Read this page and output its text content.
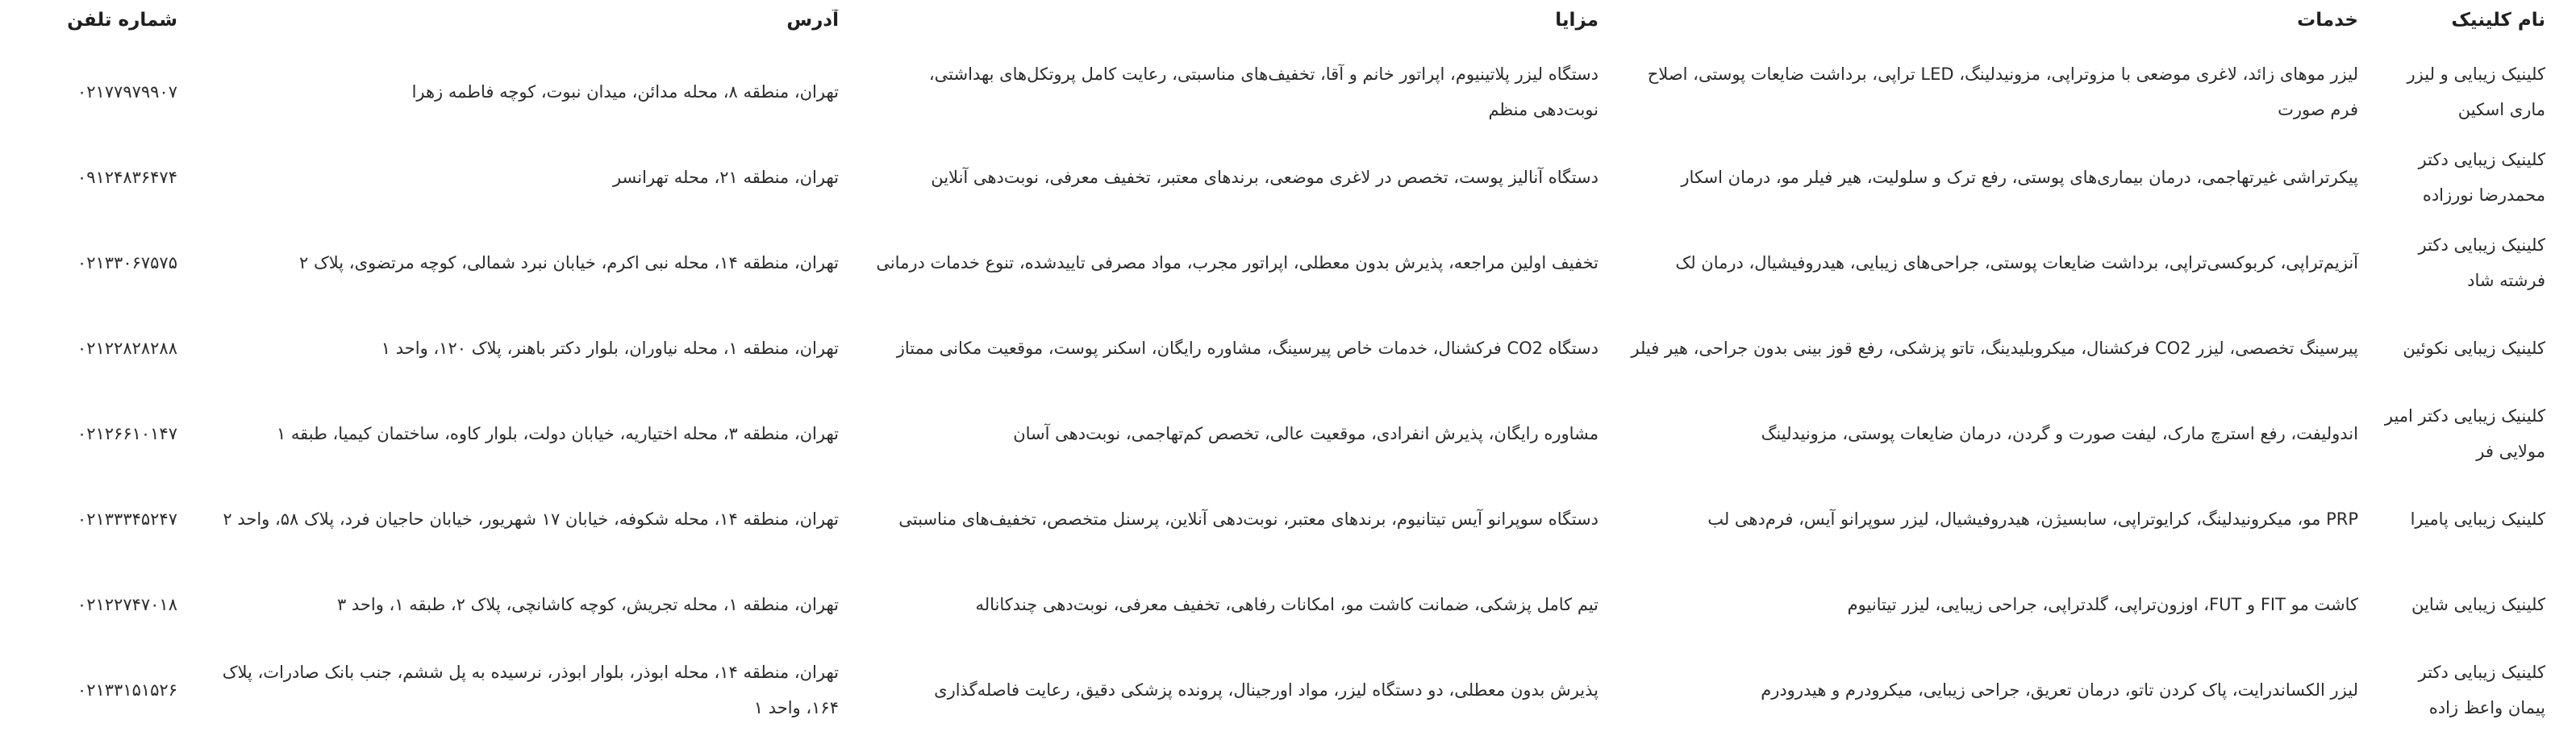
نام کلینیک	خدمات	مزایا	آدرس	شماره تلفن
کلینیک زیبایی و لیزر ماری اسکین	لیزر موهای زائد، لاغری موضعی با مزوتراپی، مزونیدلینگ، LED تراپی، برداشت ضایعات پوستی، اصلاح فرم صورت	دستگاه لیزر پلاتینیوم، اپراتور خانم و آقا، تخفیف‌های مناسبتی، رعایت کامل پروتکل‌های بهداشتی، نوبت‌دهی منظم	تهران، منطقه ۸، محله مدائن، میدان نبوت، کوچه فاطمه زهرا	۰۲۱۷۷۹۷۹۹۰۷
کلینیک زیبایی دکتر محمدرضا نورزاده	پیکرتراشی غیرتهاجمی، درمان بیماری‌های پوستی، رفع ترک و سلولیت، هیر فیلر مو، درمان اسکار	دستگاه آنالیز پوست، تخصص در لاغری موضعی، برندهای معتبر، تخفیف معرفی، نوبت‌دهی آنلاین	تهران، منطقه ۲۱، محله تهرانسر	۰۹۱۲۴۸۳۶۴۷۴
کلینیک زیبایی دکتر فرشته شاد	آنزیم‌تراپی، کربوکسی‌تراپی، برداشت ضایعات پوستی، جراحی‌های زیبایی، هیدروفیشیال، درمان لک	تخفیف اولین مراجعه، پذیرش بدون معطلی، اپراتور مجرب، مواد مصرفی تاییدشده، تنوع خدمات درمانی	تهران، منطقه ۱۴، محله نبی اکرم، خیابان نبرد شمالی، کوچه مرتضوی، پلاک ۲	۰۲۱۳۳۰۶۷۵۷۵
کلینیک زیبایی نکوئین	پیرسینگ تخصصی، لیزر CO2 فرکشنال، میکروبلیدینگ، تاتو پزشکی، رفع قوز بینی بدون جراحی، هیر فیلر	دستگاه CO2 فرکشنال، خدمات خاص پیرسینگ، مشاوره رایگان، اسکنر پوست، موقعیت مکانی ممتاز	تهران، منطقه ۱، محله نیاوران، بلوار دکتر باهنر، پلاک ۱۲۰، واحد ۱	۰۲۱۲۲۸۲۸۲۸۸
کلینیک زیبایی دکتر امیر مولایی فر	اندولیفت، رفع استرچ مارک، لیفت صورت و گردن، درمان ضایعات پوستی، مزونیدلینگ	مشاوره رایگان، پذیرش انفرادی، موقعیت عالی، تخصص کم‌تهاجمی، نوبت‌دهی آسان	تهران، منطقه ۳، محله اختیاریه، خیابان دولت، بلوار کاوه، ساختمان کیمیا، طبقه ۱	۰۲۱۲۶۶۱۰۱۴۷
کلینیک زیبایی پامیرا	PRP مو، میکرونیدلینگ، کرایوتراپی، سابسیژن، هیدروفیشیال، لیزر سوپرانو آیس، فرم‌دهی لب	دستگاه سوپرانو آیس تیتانیوم، برندهای معتبر، نوبت‌دهی آنلاین، پرسنل متخصص، تخفیف‌های مناسبتی	تهران، منطقه ۱۴، محله شکوفه، خیابان ۱۷ شهریور، خیابان حاجیان فرد، پلاک ۵۸، واحد ۲	۰۲۱۳۳۳۴۵۲۴۷
کلینیک زیبایی شاین	کاشت مو FIT و FUT، اوزون‌تراپی، گلدتراپی، جراحی زیبایی، لیزر تیتانیوم	تیم کامل پزشکی، ضمانت کاشت مو، امکانات رفاهی، تخفیف معرفی، نوبت‌دهی چندکاناله	تهران، منطقه ۱، محله تجریش، کوچه کاشانچی، پلاک ۲، طبقه ۱، واحد ۳	۰۲۱۲۲۷۴۷۰۱۸
کلینیک زیبایی دکتر پیمان واعظ زاده	لیزر الکساندرایت، پاک کردن تاتو، درمان تعریق، جراحی زیبایی، میکرودرم و هیدرودرم	پذیرش بدون معطلی، دو دستگاه لیزر، مواد اورجینال، پرونده پزشکی دقیق، رعایت فاصله‌گذاری	تهران، منطقه ۱۴، محله ابوذر، بلوار ابوذر، نرسیده به پل ششم، جنب بانک صادرات، پلاک ۱۶۴، واحد ۱	۰۲۱۳۳۱۵۱۵۲۶
